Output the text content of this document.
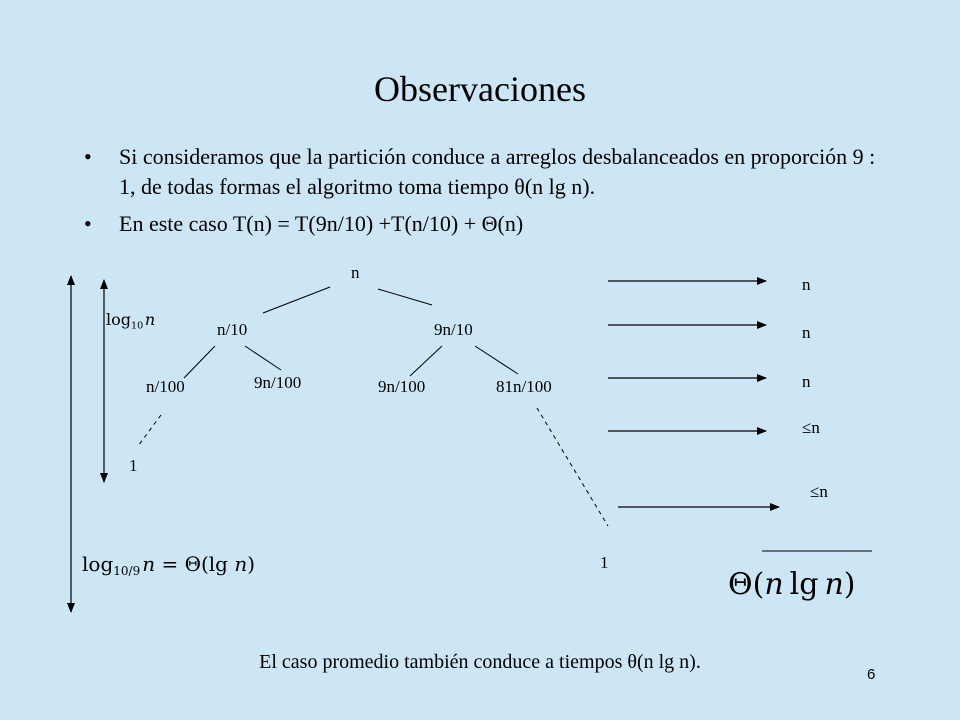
Observaciones
• Si consideramos que la partición conduce a arreglos desbalanceados en proporción 9 : 1, de todas formas el algoritmo toma tiempo θ(n lg n).
• En este caso T(n) = T(9n/10) +T(n/10) + Θ(n)
n
n/10	9n/10
n/100	9n/100	9n/100	81n/100
1
1
$\log_{10}$ n
$\log_{10/9}$  n = Θ(lg n)
n
n
n
≤n
≤n
Θ(n  lg  n)
El caso promedio también conduce a tiempos θ(n lg n).
6
